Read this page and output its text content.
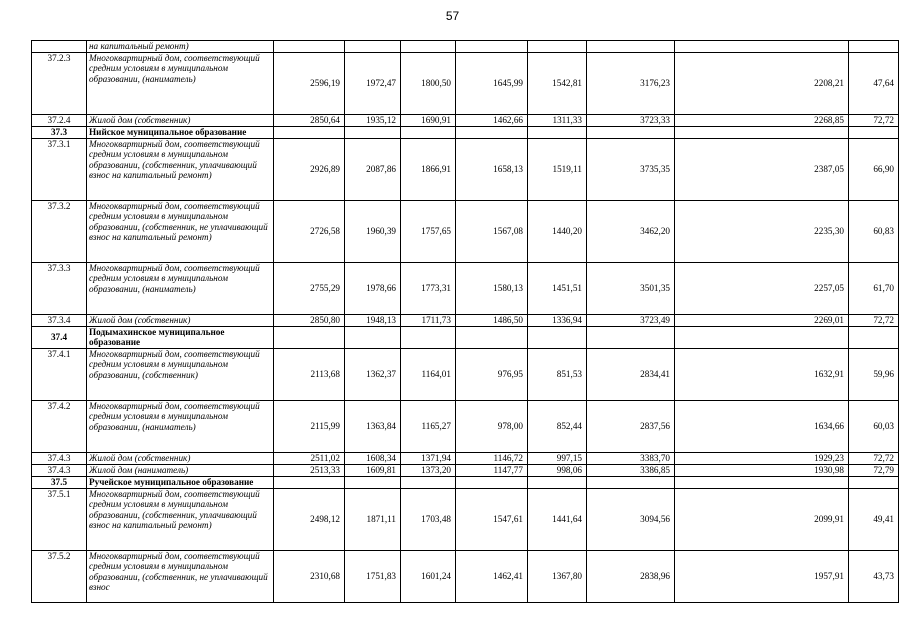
57
	на капитальный ремонт)								
37.2.3	Многоквартирный дом, соответствующий средним условиям в муниципальном образовании, (наниматель)	2596,19	1972,47	1800,50	1645,99	1542,81	3176,23	2208,21	47,64
37.2.4	Жилой дом (собственник)	2850,64	1935,12	1690,91	1462,66	1311,33	3723,33	2268,85	72,72
37.3	Нийское муниципальное образование								
37.3.1	Многоквартирный дом, соответствующий средним условиям в муниципальном образовании, (собственник, уплачивающий взнос на капитальный ремонт)	2926,89	2087,86	1866,91	1658,13	1519,11	3735,35	2387,05	66,90
37.3.2	Многоквартирный дом, соответствующий средним условиям в муниципальном образовании, (собственник, не уплачивающий взнос на капитальный ремонт)	2726,58	1960,39	1757,65	1567,08	1440,20	3462,20	2235,30	60,83
37.3.3	Многоквартирный дом, соответствующий средним условиям в муниципальном образовании, (наниматель)	2755,29	1978,66	1773,31	1580,13	1451,51	3501,35	2257,05	61,70
37.3.4	Жилой дом (собственник)	2850,80	1948,13	1711,73	1486,50	1336,94	3723,49	2269,01	72,72
37.4	Подымахинское муниципальное образование								
37.4.1	Многоквартирный дом, соответствующий средним условиям в муниципальном образовании, (собственник)	2113,68	1362,37	1164,01	976,95	851,53	2834,41	1632,91	59,96
37.4.2	Многоквартирный дом, соответствующий средним условиям в муниципальном образовании, (наниматель)	2115,99	1363,84	1165,27	978,00	852,44	2837,56	1634,66	60,03
37.4.3	Жилой дом (собственник)	2511,02	1608,34	1371,94	1146,72	997,15	3383,70	1929,23	72,72
37.4.3	Жилой дом (наниматель)	2513,33	1609,81	1373,20	1147,77	998,06	3386,85	1930,98	72,79
37.5	Ручейское муниципальное образование								
37.5.1	Многоквартирный дом, соответствующий средним условиям в муниципальном образовании, (собственник, уплачивающий взнос на капитальный ремонт)	2498,12	1871,11	1703,48	1547,61	1441,64	3094,56	2099,91	49,41
37.5.2	Многоквартирный дом, соответствующий средним условиям в муниципальном образовании, (собственник, не уплачивающий взнос	2310,68	1751,83	1601,24	1462,41	1367,80	2838,96	1957,91	43,73
